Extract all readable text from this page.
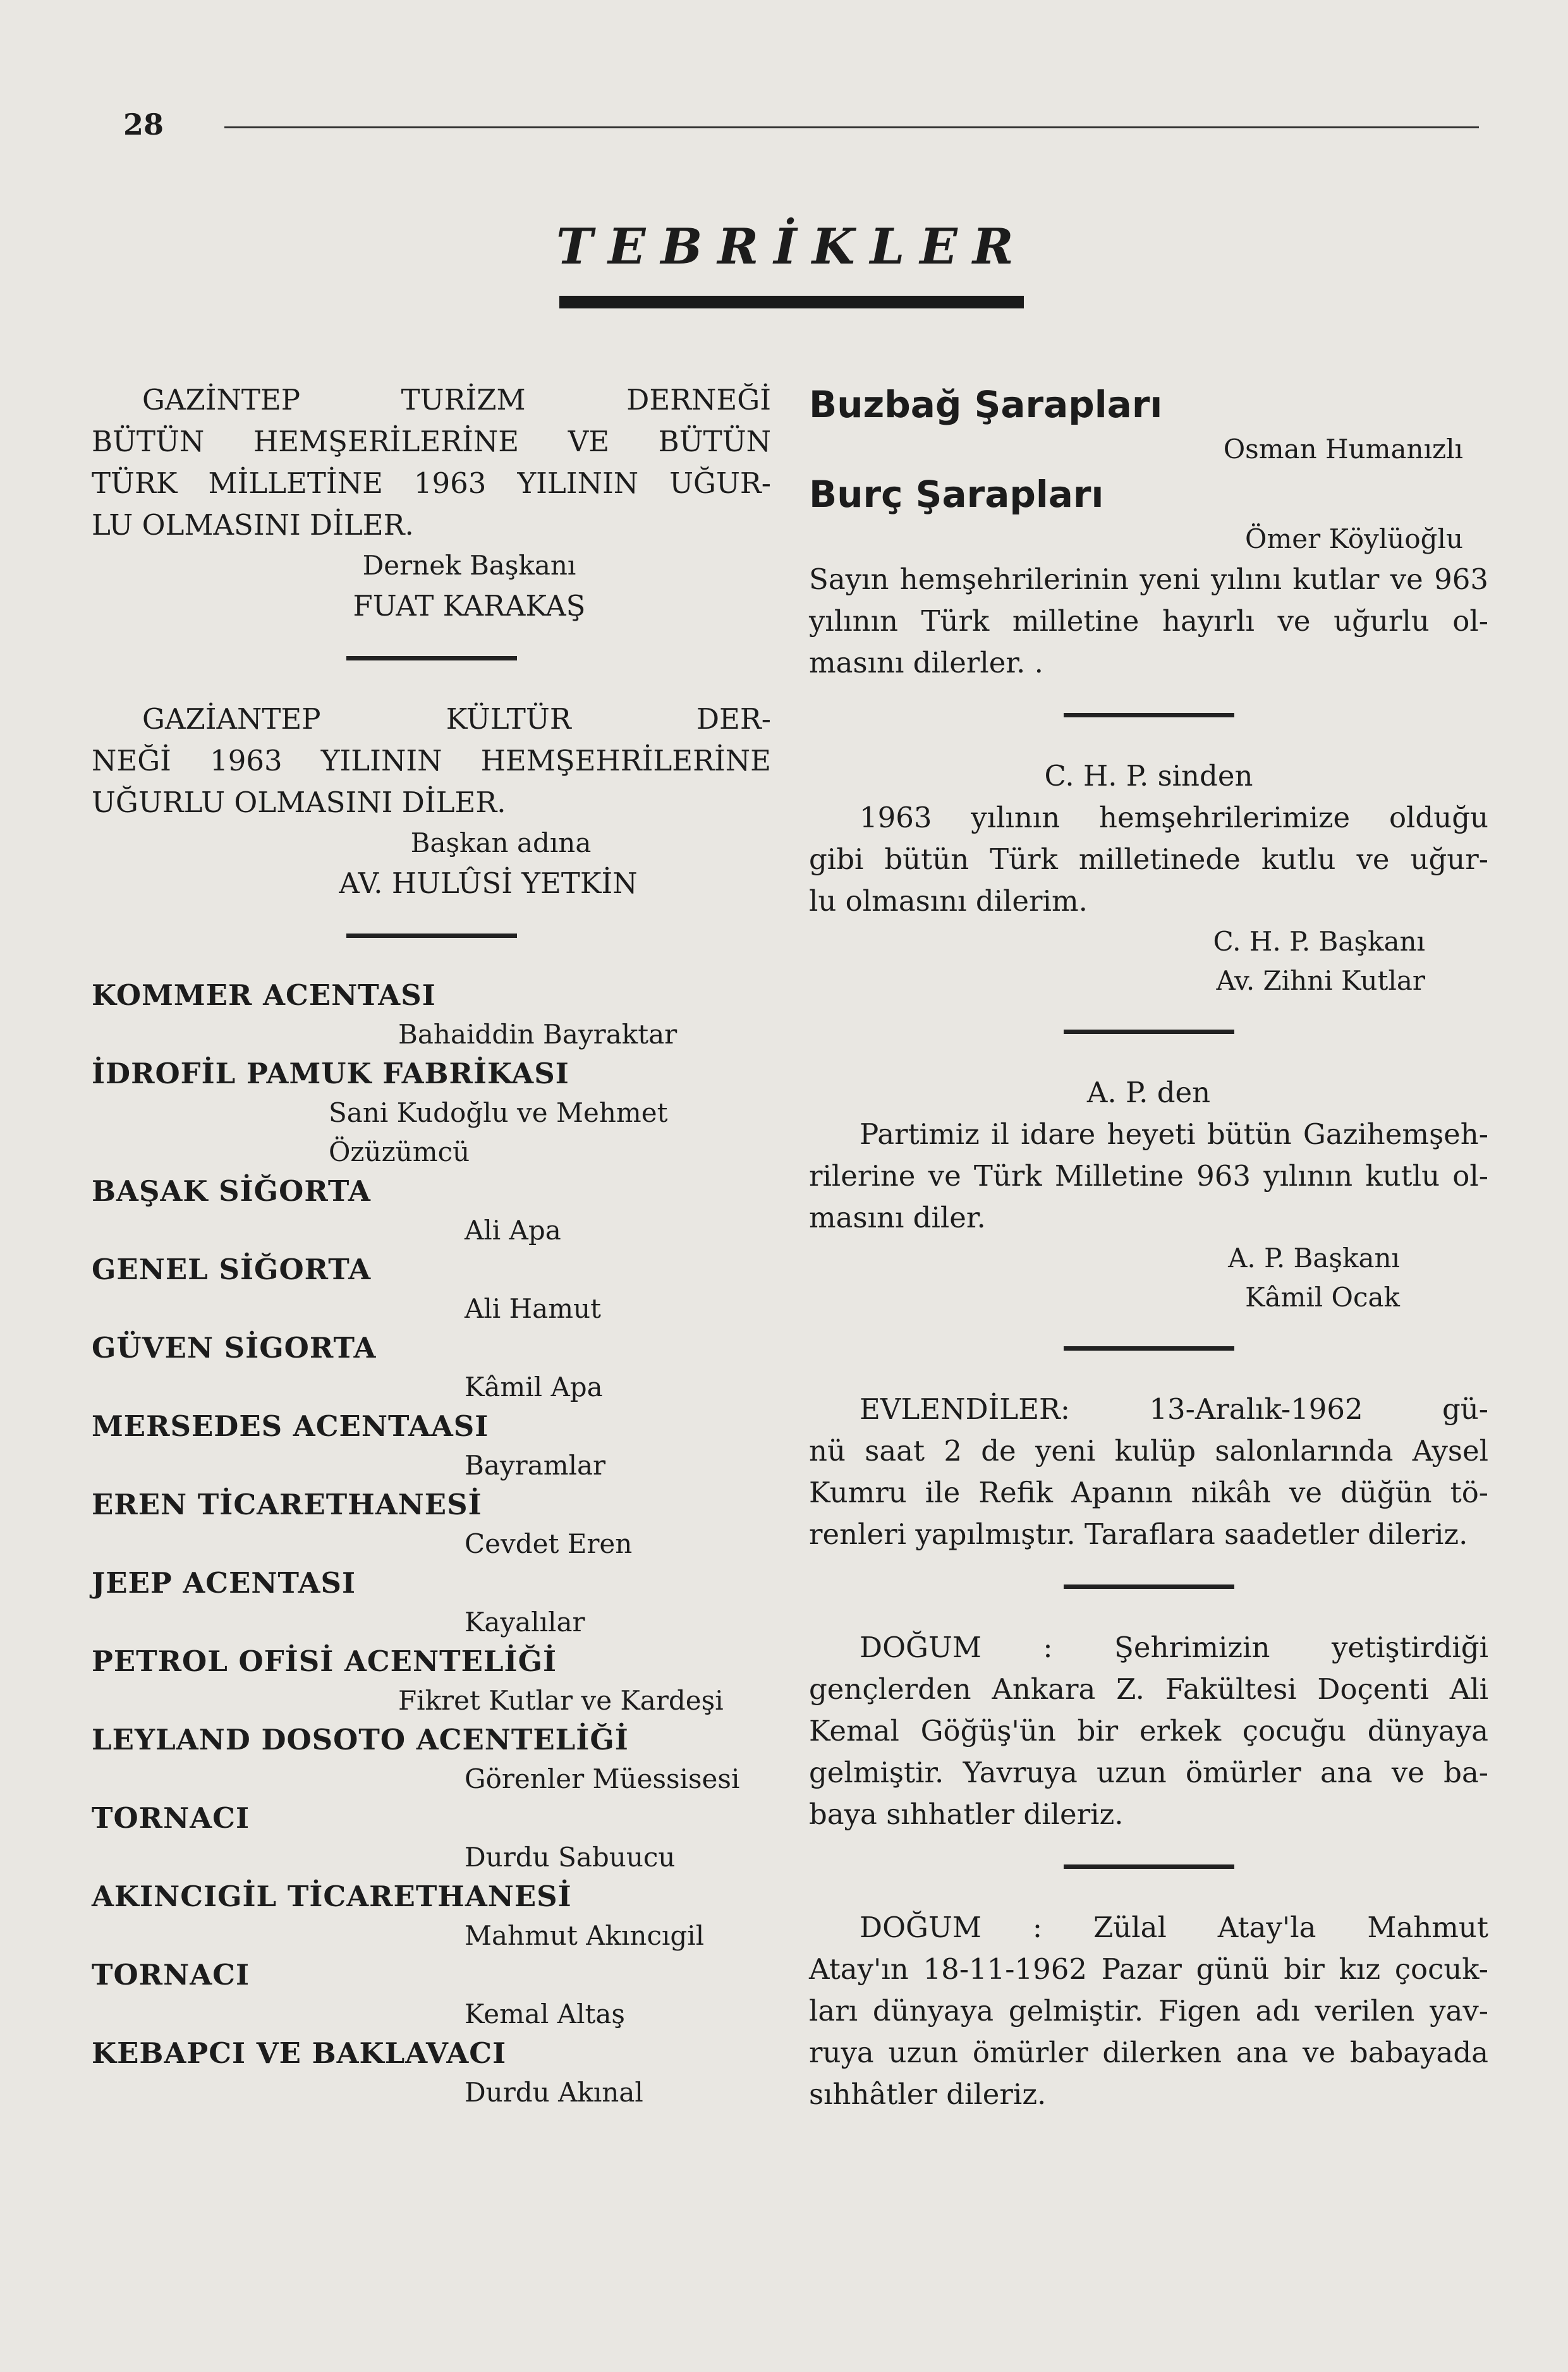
28
TEBRİKLER
GAZİNTEP TURİZM DERNEĞİ
BÜTÜN HEMŞERİLERİNE VE BÜTÜN
TÜRK MİLLETİNE 1963 YILININ UĞUR-
LU OLMASINI DİLER.
Dernek Başkanı
FUAT KARAKAŞ
GAZİANTEP KÜLTÜR DER-
NEĞİ 1963 YILININ HEMŞEHRİLERİNE
UĞURLU OLMASINI DİLER.
Başkan adına
AV. HULÛSİ YETKİN
KOMMER ACENTASI
Bahaiddin Bayraktar
İDROFİL PAMUK FABRİKASI
Sani Kudoğlu ve Mehmet Özüzümcü
BAŞAK SİĞORTA
Ali Apa
GENEL SİĞORTA
Ali Hamut
GÜVEN SİGORTA
Kâmil Apa
MERSEDES ACENTAASI
Bayramlar
EREN TİCARETHANESİ
Cevdet Eren
JEEP ACENTASI
Kayalılar
PETROL OFİSİ ACENTELİĞİ
Fikret Kutlar ve Kardeşi
LEYLAND DOSOTO ACENTELİĞİ
Görenler Müessisesi
TORNACI
Durdu Sabuucu
AKINCIGİL TİCARETHANESİ
Mahmut Akıncıgil
TORNACI
Kemal Altaş
KEBAPCI VE BAKLAVACI
Durdu Akınal
Buzbağ Şarapları
Osman Humanızlı
Burç Şarapları
Ömer Köylüoğlu
Sayın hemşehrilerinin yeni yılını kutlar ve 963
yılının Türk milletine hayırlı ve uğurlu ol-
masını dilerler. .
C. H. P. sinden
1963 yılının hemşehrilerimize olduğu
gibi bütün Türk milletinede kutlu ve uğur-
lu olmasını dilerim.
C. H. P. Başkanı
Av. Zihni Kutlar
A. P. den
Partimiz il idare heyeti bütün Gazihemşeh-
rilerine ve Türk Milletine 963 yılının kutlu ol-
masını diler.
A. P. Başkanı
Kâmil Ocak
EVLENDİLER: 13-Aralık-1962 gü-
nü saat 2 de yeni kulüp salonlarında Aysel
Kumru ile Refik Apanın nikâh ve düğün tö-
renleri yapılmıştır. Taraflara saadetler dileriz.
DOĞUM : Şehrimizin yetiştirdiği
gençlerden Ankara Z. Fakültesi Doçenti Ali
Kemal Göğüş'ün bir erkek çocuğu dünyaya
gelmiştir. Yavruya uzun ömürler ana ve ba-
baya sıhhatler dileriz.
DOĞUM : Zülal Atay'la Mahmut
Atay'ın 18-11-1962 Pazar günü bir kız çocuk-
ları dünyaya gelmiştir. Figen adı verilen yav-
ruya uzun ömürler dilerken ana ve babayada
sıhhâtler dileriz.
